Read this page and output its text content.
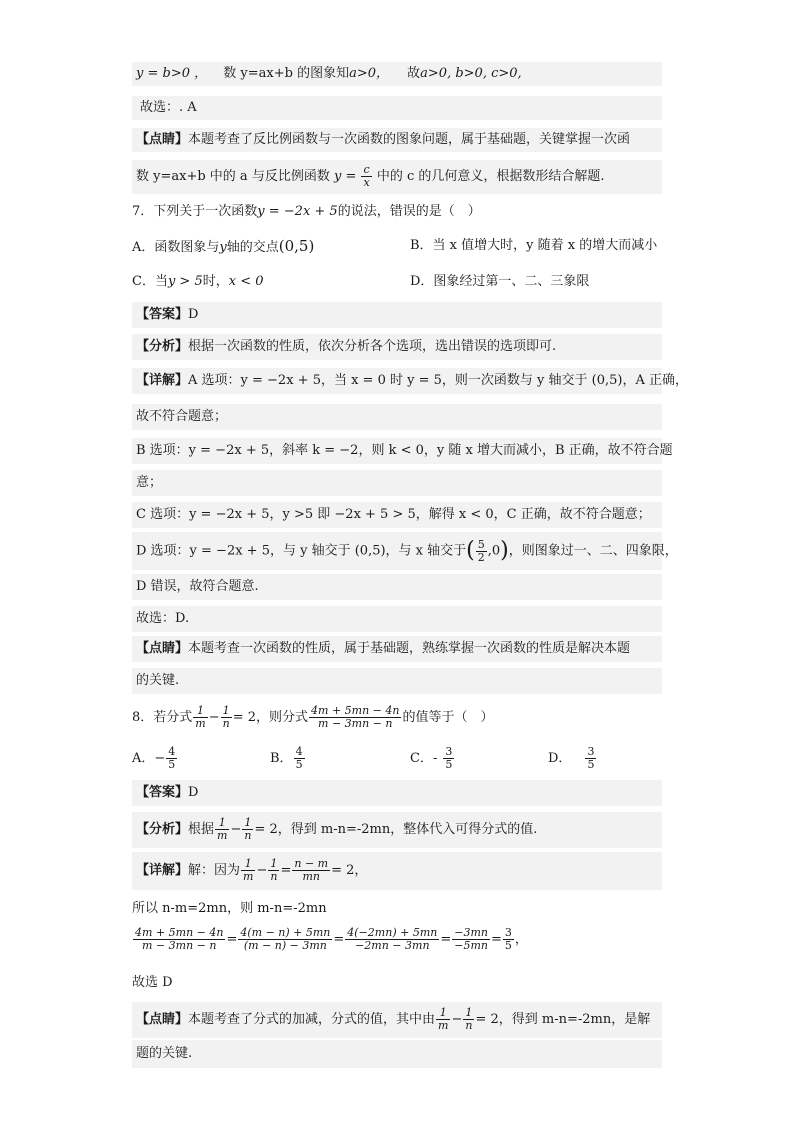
y = b>0 ， 数 y=ax+b 的图象知a>0， 故a>0, b>0, c>0,
故选：. A
【点睛】本题考查了反比例函数与一次函数的图象问题，属于基础题，关键掌握一次函
数 y=ax+b 中的 a 与反比例函数 $y = \frac{c}{x}$ 中的 c 的几何意义，根据数形结合解题.
7．下列关于一次函数y = −2x + 5的说法，错误的是（　）
A．函数图象与y轴的交点(0,5)	B．当 x 值增大时，y 随着 x 的增大而减小
C．当y > 5时，x < 0	D．图象经过第一、二、三象限
【答案】D
【分析】根据一次函数的性质，依次分析各个选项，选出错误的选项即可.
【详解】A 选项：y = −2x + 5，当 x = 0 时 y = 5，则一次函数与 y 轴交于 (0,5)，A 正确，
故不符合题意；
B 选项：y = −2x + 5，斜率 k = −2，则 k < 0，y 随 x 增大而减小，B 正确，故不符合题
意；
C 选项：y = −2x + 5，y >5 即 −2x + 5 > 5，解得 x < 0，C 正确，故不符合题意；
D 选项：y = −2x + 5，与 y 轴交于 (0,5)，与 x 轴交于( $\frac{5}{2} ,0$)，则图象过一、二、四象限，
D 错误，故符合题意.
故选：D.
【点睛】本题考查一次函数的性质，属于基础题，熟练掌握一次函数的性质是解决本题
的关键.
8．若分式 $\frac{1}{m} - \frac{1}{n} = 2$，则分式 $\frac{4m + 5mn - 4n}{m - 3mn - n}$ 的值等于（　）
A．− $\frac{4}{5}$	B． $\frac{4}{5}$	C．- $\frac{3}{5}$	D． $\frac{3}{5}$
【答案】D
【分析】根据 $\frac{1}{m} - \frac{1}{n} = 2$，得到 m-n=-2mn，整体代入可得分式的值.
【详解】解：因为 $\frac{1}{m} - \frac{1}{n} = \frac{n - m}{mn} = 2$，
所以 n-m=2mn，则 m-n=-2mn
$\frac{4m + 5mn - 4n}{m - 3mn - n} = \frac{4(m - n) + 5mn}{(m - n) - 3mn} = \frac{4(-2mn) + 5mn}{-2mn - 3mn} = \frac{-3mn}{-5mn} = \frac{3}{5}$ ，
故选 D
【点睛】本题考查了分式的加减，分式的值，其中由 $\frac{1}{m} - \frac{1}{n} = 2$，得到 m-n=-2mn，是解
题的关键.
